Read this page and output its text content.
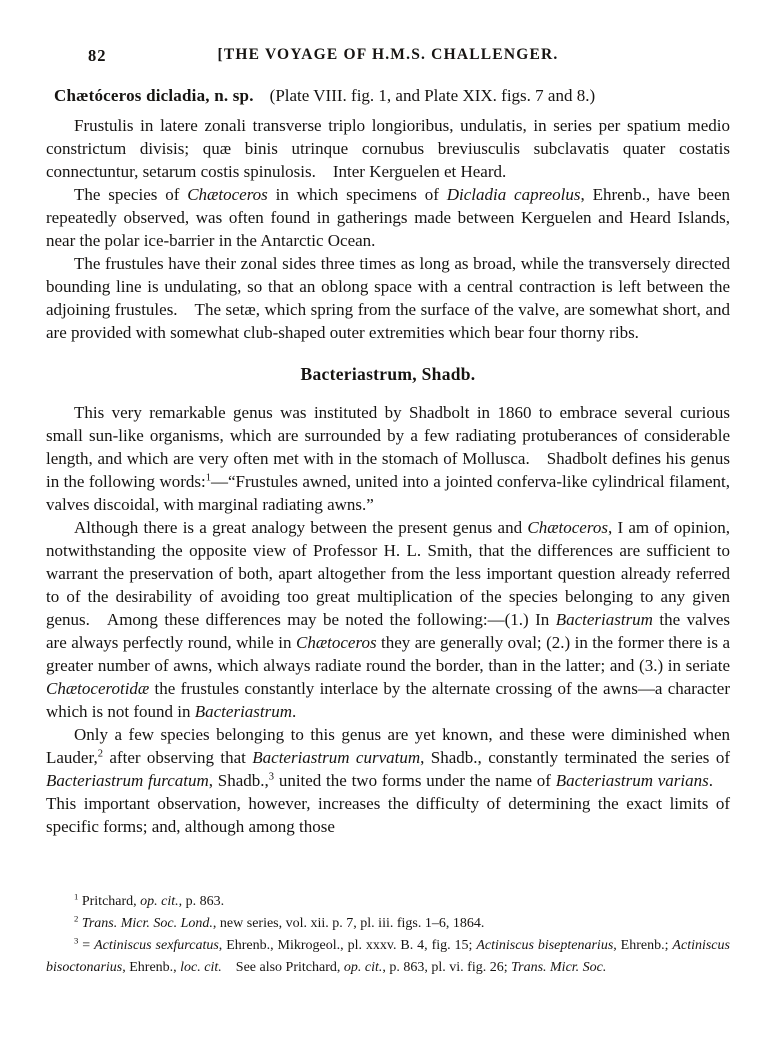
82	[THE VOYAGE OF H.M.S. CHALLENGER.
Chætóceros dicladia, n. sp. (Plate VIII. fig. 1, and Plate XIX. figs. 7 and 8.)

Frustulis in latere zonali transverse triplo longioribus, undulatis, in series per spatium medio constrictum divisis; quæ binis utrinque cornubus breviusculis subclavatis quater costatis connectuntur, setarum costis spinulosis. Inter Kerguelen et Heard.

The species of Chætoceros in which specimens of Dicladia capreolus, Ehrenb., have been repeatedly observed, was often found in gatherings made between Kerguelen and Heard Islands, near the polar ice-barrier in the Antarctic Ocean.

The frustules have their zonal sides three times as long as broad, while the transversely directed bounding line is undulating, so that an oblong space with a central contraction is left between the adjoining frustules. The setæ, which spring from the surface of the valve, are somewhat short, and are provided with somewhat club-shaped outer extremities which bear four thorny ribs.

Bacteriastrum, Shadb.

This very remarkable genus was instituted by Shadbolt in 1860 to embrace several curious small sun-like organisms, which are surrounded by a few radiating protuberances of considerable length, and which are very often met with in the stomach of Mollusca. Shadbolt defines his genus in the following words:$^1$—“Frustules awned, united into a jointed conferva-like cylindrical filament, valves discoidal, with marginal radiating awns.”

Although there is a great analogy between the present genus and Chætoceros, I am of opinion, notwithstanding the opposite view of Professor H. L. Smith, that the differences are sufficient to warrant the preservation of both, apart altogether from the less important question already referred to of the desirability of avoiding too great multiplication of the species belonging to any given genus. Among these differences may be noted the following:—(1.) In Bacteriastrum the valves are always perfectly round, while in Chætoceros they are generally oval; (2.) in the former there is a greater number of awns, which always radiate round the border, than in the latter; and (3.) in seriate Chætocerotidæ the frustules constantly interlace by the alternate crossing of the awns—a character which is not found in Bacteriastrum.

Only a few species belonging to this genus are yet known, and these were diminished when Lauder,$^2$ after observing that Bacteriastrum curvatum, Shadb., constantly terminated the series of Bacteriastrum furcatum, Shadb.,$^3$ united the two forms under the name of Bacteriastrum varians. This important observation, however, increases the difficulty of determining the exact limits of specific forms; and, although among those

$^1$ Pritchard, op. cit., p. 863.

$^2$ Trans. Micr. Soc. Lond., new series, vol. xii. p. 7, pl. iii. figs. 1–6, 1864.

$^3$ = Actiniscus sexfurcatus, Ehrenb., Mikrogeol., pl. xxxv. B. 4, fig. 15; Actiniscus biseptenarius, Ehrenb.; Actiniscus bisoctonarius, Ehrenb., loc. cit. See also Pritchard, op. cit., p. 863, pl. vi. fig. 26; Trans. Micr. Soc.
